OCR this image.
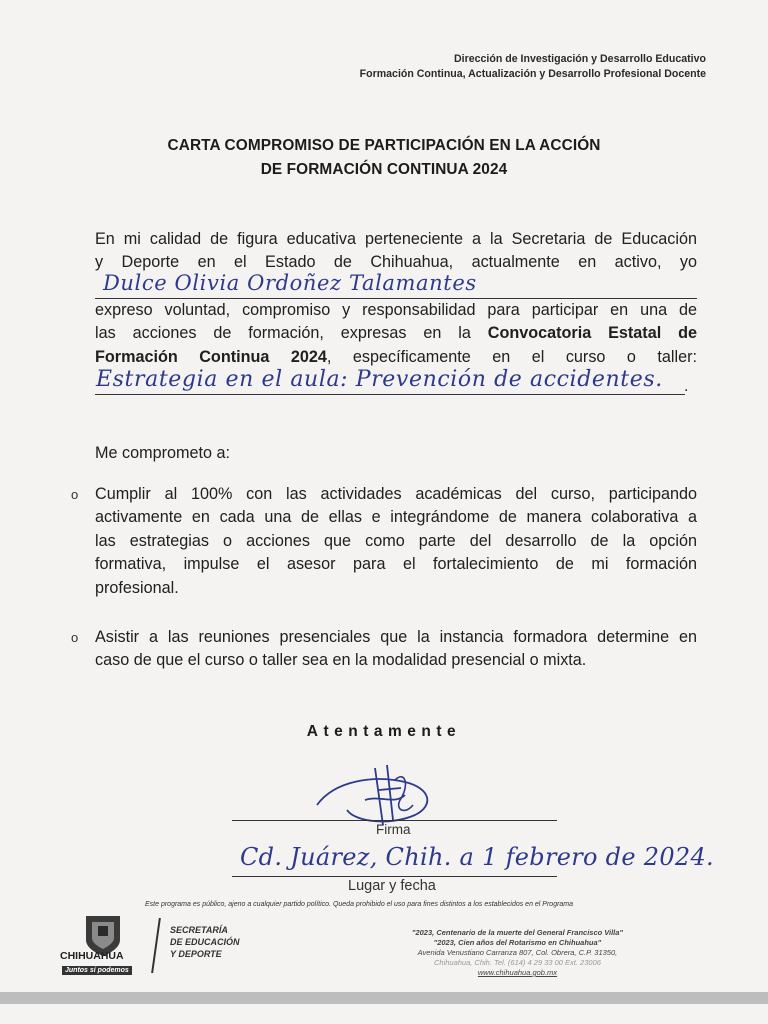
Dirección de Investigación y Desarrollo Educativo
Formación Continua, Actualización y Desarrollo Profesional Docente
CARTA COMPROMISO DE PARTICIPACIÓN EN LA ACCIÓN
DE FORMACIÓN CONTINUA 2024
En mi calidad de figura educativa perteneciente a la Secretaria de Educación
y Deporte en el Estado de Chihuahua, actualmente en activo, yo
Dulce Olivia Ordoñez Talamantes
expreso voluntad, compromiso y responsabilidad para participar en una de
las acciones de formación, expresas en la Convocatoria Estatal de
Formación Continua 2024, específicamente en el curso o taller:
Estrategia en el aula: Prevención de accidentes. .
Me comprometo a:
o Cumplir al 100% con las actividades académicas del curso, participando
activamente en cada una de ellas e integrándome de manera colaborativa a
las estrategias o acciones que como parte del desarrollo de la opción
formativa, impulse el asesor para el fortalecimiento de mi formación
profesional.
o Asistir a las reuniones presenciales que la instancia formadora determine en
caso de que el curso o taller sea en la modalidad presencial o mixta.
Atentamente
Firma
Cd. Juárez, Chih. a 1 febrero de 2024.
Lugar y fecha
Este programa es público, ajeno a cualquier partido político. Queda prohibido el uso para fines distintos a los establecidos en el Programa
CHIHUAHUA
Juntos sí podemos
SECRETARÍA
DE EDUCACIÓN
Y DEPORTE
"2023, Centenario de la muerte del General Francisco Villa"
"2023, Cien años del Rotarismo en Chihuahua"
Avenida Venustiano Carranza 807, Col. Obrera, C.P. 31350,
Chihuahua, Chih. Tel. (614) 4 29 33 00 Ext. 23006
www.chihuahua.gob.mx
